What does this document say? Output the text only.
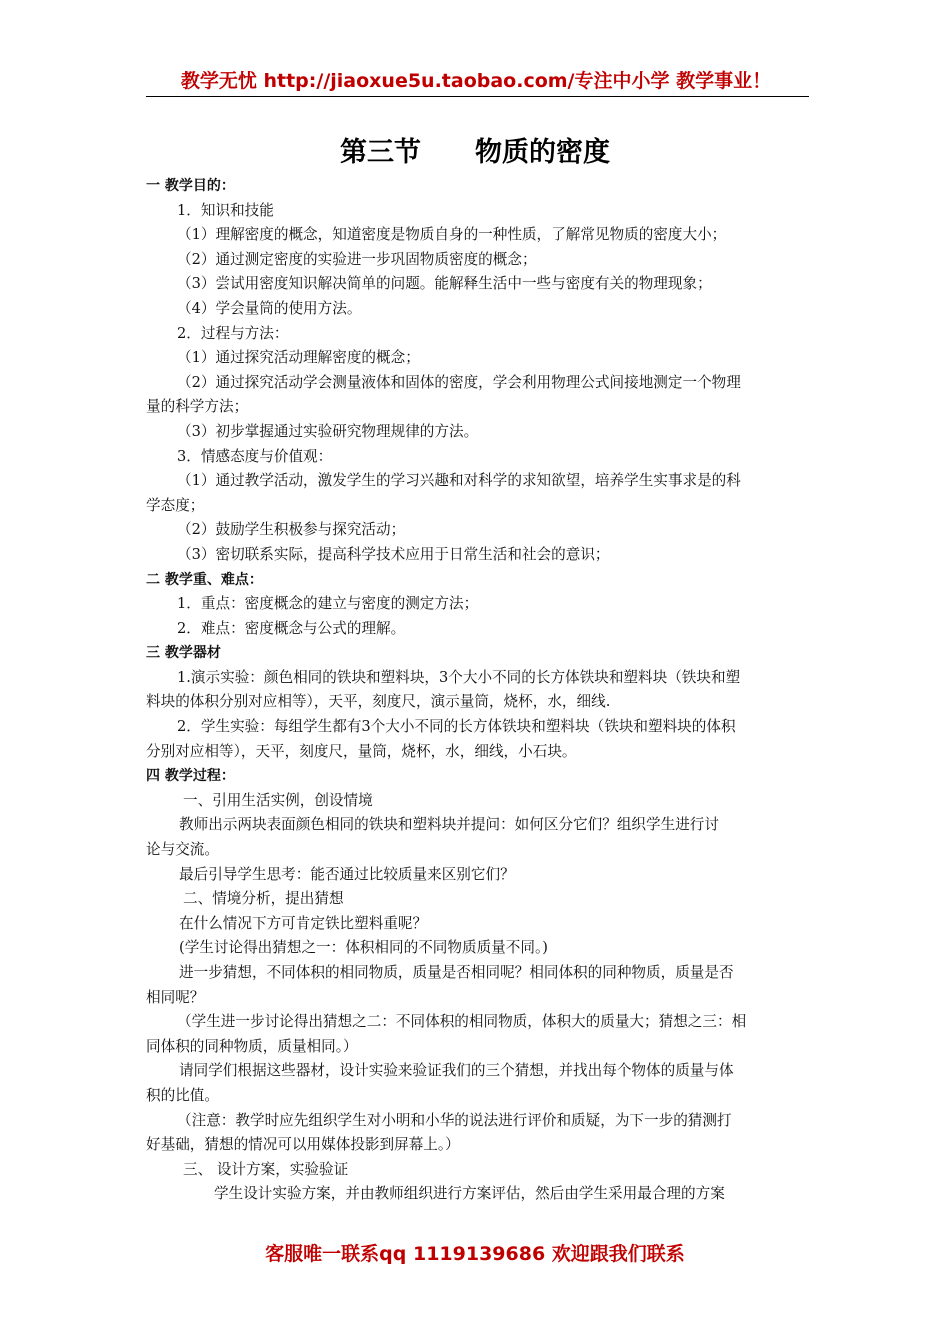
教学无忧 http://jiaoxue5u.taobao.com/专注中小学 教学事业！
第三节　　物质的密度
一 教学目的：
1．知识和技能
（1）理解密度的概念，知道密度是物质自身的一种性质，了解常见物质的密度大小；
（2）通过测定密度的实验进一步巩固物质密度的概念；
（3）尝试用密度知识解决简单的问题。能解释生活中一些与密度有关的物理现象；
（4）学会量筒的使用方法。
2．过程与方法：
（1）通过探究活动理解密度的概念；
（2）通过探究活动学会测量液体和固体的密度，学会利用物理公式间接地测定一个物理
量的科学方法；
（3）初步掌握通过实验研究物理规律的方法。
3．情感态度与价值观：
（1）通过教学活动，激发学生的学习兴趣和对科学的求知欲望，培养学生实事求是的科
学态度；
（2）鼓励学生积极参与探究活动；
（3）密切联系实际，提高科学技术应用于日常生活和社会的意识；
二 教学重、难点：
1．重点：密度概念的建立与密度的测定方法；
2．难点：密度概念与公式的理解。
三 教学器材
1.演示实验：颜色相同的铁块和塑料块，3个大小不同的长方体铁块和塑料块（铁块和塑
料块的体积分别对应相等），天平，刻度尺，演示量筒，烧杯，水，细线.
2．学生实验：每组学生都有3个大小不同的长方体铁块和塑料块（铁块和塑料块的体积
分别对应相等），天平，刻度尺，量筒，烧杯，水，细线，小石块。
四 教学过程：
一、引用生活实例，创设情境
教师出示两块表面颜色相同的铁块和塑料块并提问：如何区分它们？组织学生进行讨
论与交流。
最后引导学生思考：能否通过比较质量来区别它们？
二、情境分析，提出猜想
在什么情况下方可肯定铁比塑料重呢？
(学生讨论得出猜想之一：体积相同的不同物质质量不同。)
进一步猜想，不同体积的相同物质，质量是否相同呢？相同体积的同种物质，质量是否
相同呢？
（学生进一步讨论得出猜想之二：不同体积的相同物质，体积大的质量大；猜想之三：相
同体积的同种物质，质量相同。）
请同学们根据这些器材，设计实验来验证我们的三个猜想，并找出每个物体的质量与体
积的比值。
（注意：教学时应先组织学生对小明和小华的说法进行评价和质疑，为下一步的猜测打
好基础，猜想的情况可以用媒体投影到屏幕上。）
三、 设计方案，实验验证
学生设计实验方案，并由教师组织进行方案评估，然后由学生采用最合理的方案
客服唯一联系qq 1119139686 欢迎跟我们联系
